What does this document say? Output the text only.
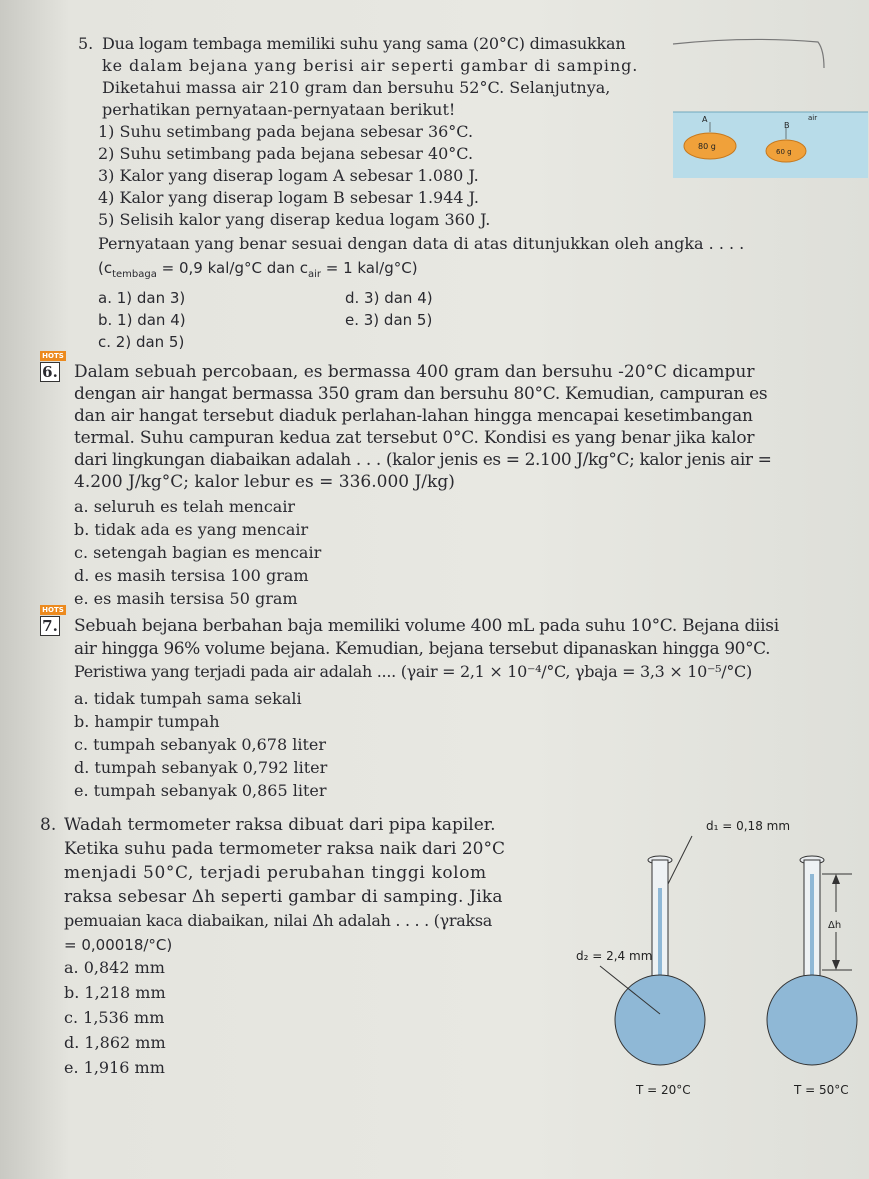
5. Dua logam tembaga memiliki suhu yang sama (20°C) dimasukkan
ke dalam bejana yang berisi air seperti gambar di samping.
Diketahui massa air 210 gram dan bersuhu 52°C. Selanjutnya,
perhatikan pernyataan-pernyataan berikut!
1) Suhu setimbang pada bejana sebesar 36°C.
2) Suhu setimbang pada bejana sebesar 40°C.
3) Kalor yang diserap logam A sebesar 1.080 J.
4) Kalor yang diserap logam B sebesar 1.944 J.
5) Selisih kalor yang diserap kedua logam 360 J.
Pernyataan yang benar sesuai dengan data di atas ditunjukkan oleh angka . . . .
($c_{tembaga} = 0,9$ kal/g°C dan $c_{air} = 1$ kal/g°C)
a. 1) dan 3)
b. 1) dan 4)
c. 2) dan 5)
d. 3) dan 4)
e. 3) dan 5)
A
B
air
80 g
60 g
HOTS
6. Dalam sebuah percobaan, es bermassa 400 gram dan bersuhu -20°C dicampur
dengan air hangat bermassa 350 gram dan bersuhu 80°C. Kemudian, campuran es
dan air hangat tersebut diaduk perlahan-lahan hingga mencapai kesetimbangan
termal. Suhu campuran kedua zat tersebut 0°C. Kondisi es yang benar jika kalor
dari lingkungan diabaikan adalah . . . (kalor jenis es = 2.100 J/kg°C; kalor jenis air =
4.200 J/kg°C; kalor lebur es = 336.000 J/kg)
a. seluruh es telah mencair
b. tidak ada es yang mencair
c. setengah bagian es mencair
d. es masih tersisa 100 gram
e. es masih tersisa 50 gram
HOTS
7. Sebuah bejana berbahan baja memiliki volume 400 mL pada suhu 10°C. Bejana diisi
air hingga 96% volume bejana. Kemudian, bejana tersebut dipanaskan hingga 90°C.
Peristiwa yang terjadi pada air adalah .... (γair = 2,1 × 10⁻⁴/°C, γbaja = 3,3 × 10⁻⁵/°C)
a. tidak tumpah sama sekali
b. hampir tumpah
c. tumpah sebanyak 0,678 liter
d. tumpah sebanyak 0,792 liter
e. tumpah sebanyak 0,865 liter
8. Wadah termometer raksa dibuat dari pipa kapiler.
Ketika suhu pada termometer raksa naik dari 20°C
menjadi 50°C, terjadi perubahan tinggi kolom
raksa sebesar Δh seperti gambar di samping. Jika
pemuaian kaca diabaikan, nilai Δh adalah . . . . (γraksa
= 0,00018/°C)
a. 0,842 mm
b. 1,218 mm
c. 1,536 mm
d. 1,862 mm
e. 1,916 mm
d₁ = 0,18 mm
d₂ = 2,4 mm
T = 20°C
Δh
T = 50°C
